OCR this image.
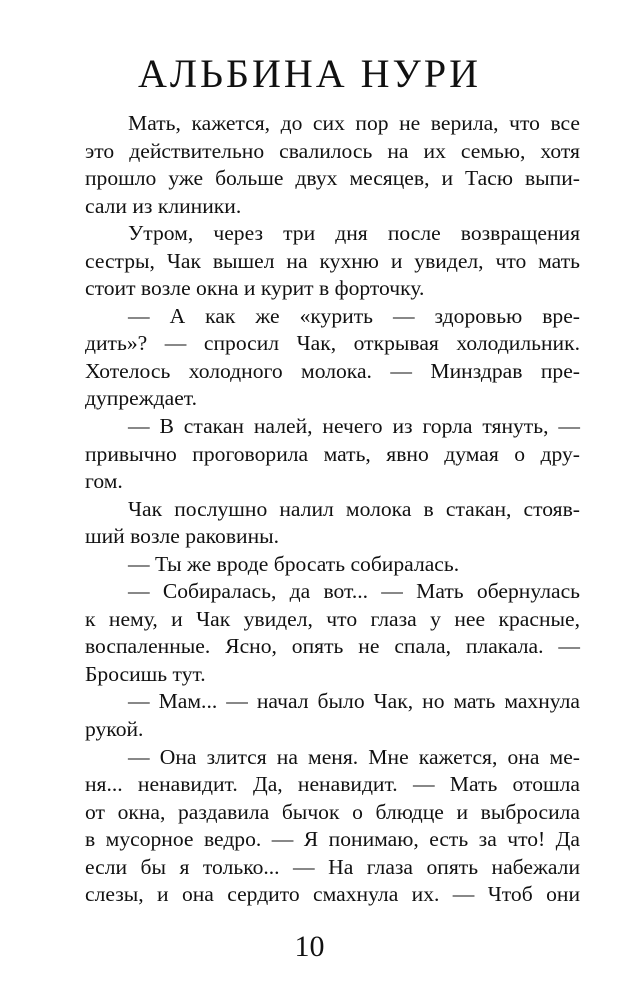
АЛЬБИНА НУРИ
Мать, кажется, до сих пор не верила, что все
это действительно свалилось на их семью, хотя
прошло уже больше двух месяцев, и Тасю выпи-
сали из клиники.
Утром, через три дня после возвращения
сестры, Чак вышел на кухню и увидел, что мать
стоит возле окна и курит в форточку.
— А как же «курить — здоровью вре-
дить»? — спросил Чак, открывая холодильник.
Хотелось холодного молока. — Минздрав пре-
дупреждает.
— В стакан налей, нечего из горла тянуть, —
привычно проговорила мать, явно думая о дру-
гом.
Чак послушно налил молока в стакан, стояв-
ший возле раковины.
— Ты же вроде бросать собиралась.
— Собиралась, да вот... — Мать обернулась
к нему, и Чак увидел, что глаза у нее красные,
воспаленные. Ясно, опять не спала, плакала. —
Бросишь тут.
— Мам... — начал было Чак, но мать махнула
рукой.
— Она злится на меня. Мне кажется, она ме-
ня... ненавидит. Да, ненавидит. — Мать отошла
от окна, раздавила бычок о блюдце и выбросила
в мусорное ведро. — Я понимаю, есть за что! Да
если бы я только... — На глаза опять набежали
слезы, и она сердито смахнула их. — Чтоб они
10
